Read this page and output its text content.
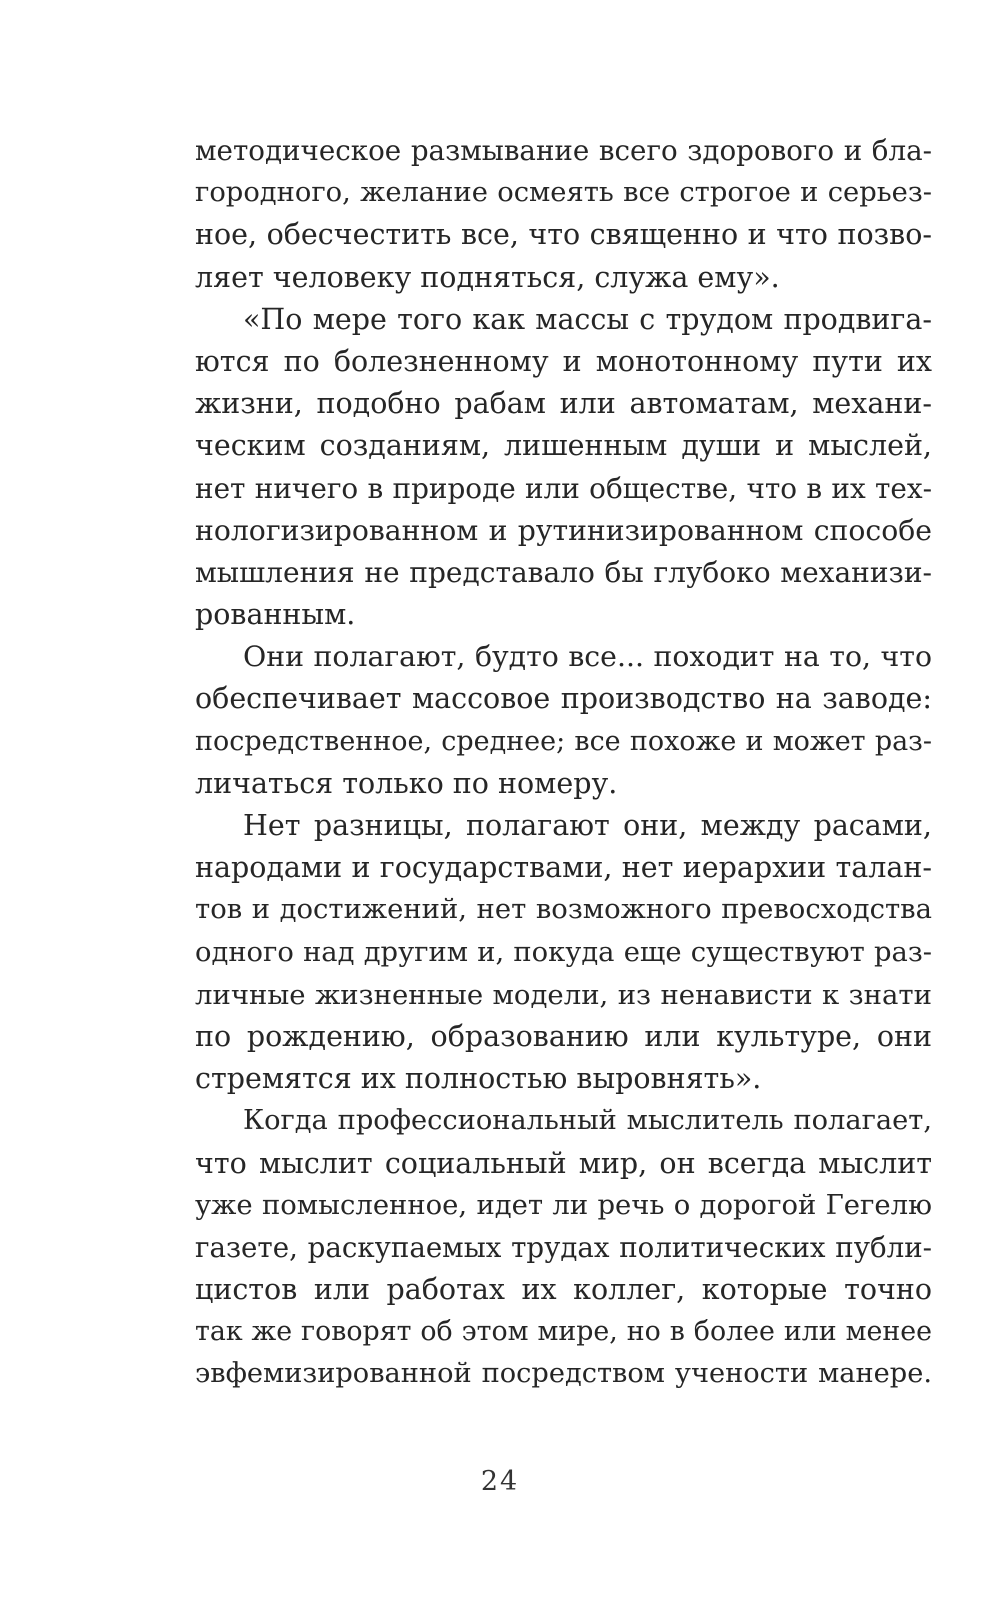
методическое размывание всего здорового и бла-
городного, желание осмеять все строгое и серьез-
ное, обесчестить все, что священно и что позво-
ляет человеку подняться, служа ему».
«По мере того как массы с трудом продвига-
ются по болезненному и монотонному пути их
жизни, подобно рабам или автоматам, механи-
ческим созданиям, лишенным души и мыслей,
нет ничего в природе или обществе, что в их тех-
нологизированном и рутинизированном способе
мышления не представало бы глубоко механизи-
рованным.
Они полагают, будто все... походит на то, что
обеспечивает массовое производство на заводе:
посредственное, среднее; все похоже и может раз-
личаться только по номеру.
Нет разницы, полагают они, между расами,
народами и государствами, нет иерархии талан-
тов и достижений, нет возможного превосходства
одного над другим и, покуда еще существуют раз-
личные жизненные модели, из ненависти к знати
по рождению, образованию или культуре, они
стремятся их полностью выровнять».
Когда профессиональный мыслитель полагает,
что мыслит социальный мир, он всегда мыслит
уже помысленное, идет ли речь о дорогой Гегелю
газете, раскупаемых трудах политических публи-
цистов или работах их коллег, которые точно
так же говорят об этом мире, но в более или менее
эвфемизированной посредством учености манере.
24
